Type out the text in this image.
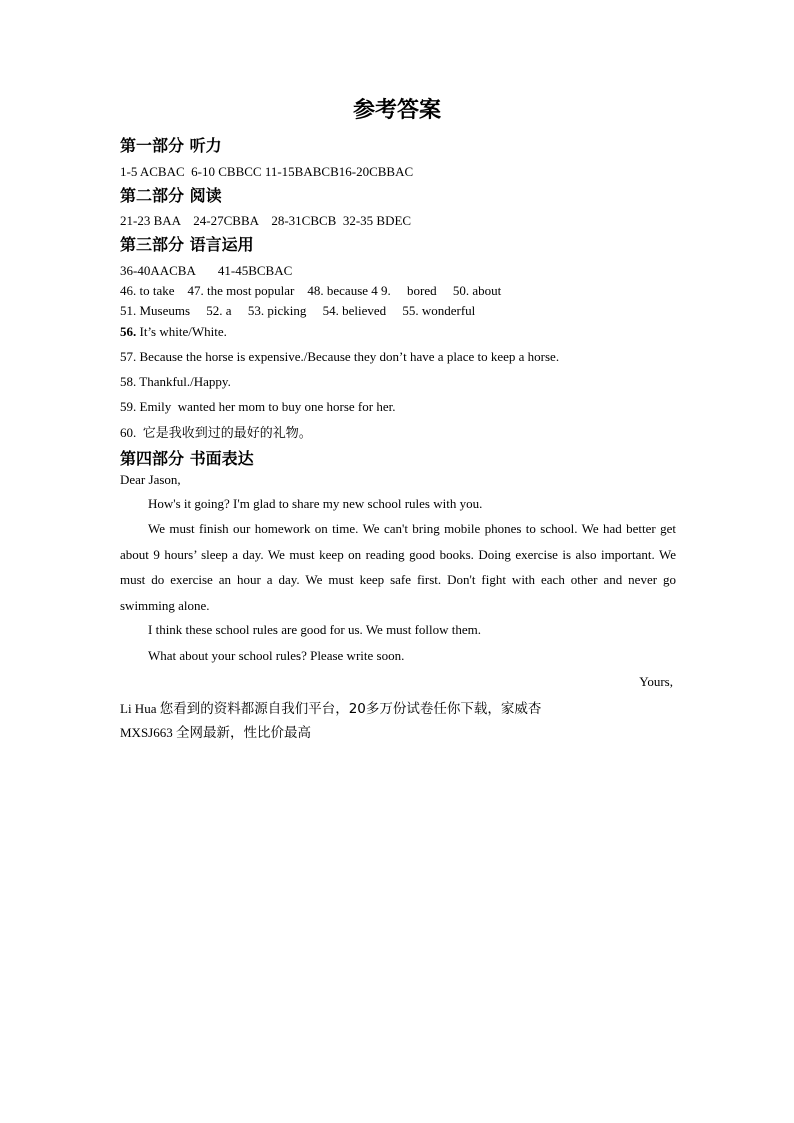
参考答案
第一部分 听力
1-5 ACBAC  6-10 CBBCC 11-15BABCB16-20CBBAC
第二部分 阅读
21-23 BAA    24-27CBBA    28-31CBCB  32-35 BDEC
第三部分 语言运用
36-40AACBA       41-45BCBAC
46. to take    47. the most popular    48. because 4 9.     bored     50. about
51. Museums     52. a     53. picking     54. believed     55. wonderful
56. It’s white/White.
57. Because the horse is expensive./Because they don’t have a place to keep a horse.
58. Thankful./Happy.
59. Emily  wanted her mom to buy one horse for her.
60. 它是我收到过的最好的礼物。
第四部分 书面表达
Dear Jason,
How's it going? I'm glad to share my new school rules with you.
We must finish our homework on time. We can't bring mobile phones to school. We had better get about 9 hours’ sleep a day. We must keep on reading good books. Doing exercise is also important. We must do exercise an hour a day. We must keep safe first. Don't fight with each other and never go swimming alone.
I think these school rules are good for us. We must follow them.
What about your school rules? Please write soon.
Yours,
Li Hua 您看到的资料都源自我们平台，20多万份试卷任你下载，家威杏
MXSJ663 全网最新，性比价最高
